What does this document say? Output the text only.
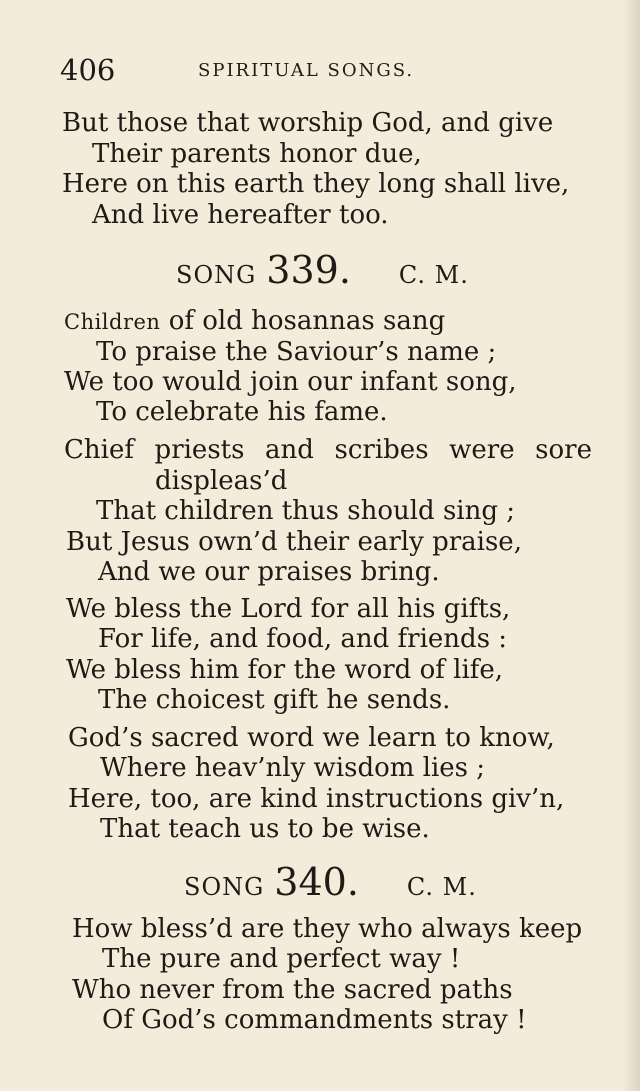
406	SPIRITUAL SONGS.
But those that worship God, and give
Their parents honor due,
Here on this earth they long shall live,
And live hereafter too.
SONG 339. C. M.
Children of old hosannas sang
To praise the Saviour’s name ;
We too would join our infant song,
To celebrate his fame.
Chief priests and scribes were sore
displeas’d
That children thus should sing ;
But Jesus own’d their early praise,
And we our praises bring.
We bless the Lord for all his gifts,
For life, and food, and friends :
We bless him for the word of life,
The choicest gift he sends.
God’s sacred word we learn to know,
Where heav’nly wisdom lies ;
Here, too, are kind instructions giv’n,
That teach us to be wise.
SONG 340. C. M.
How bless’d are they who always keep
The pure and perfect way !
Who never from the sacred paths
Of God’s commandments stray !
